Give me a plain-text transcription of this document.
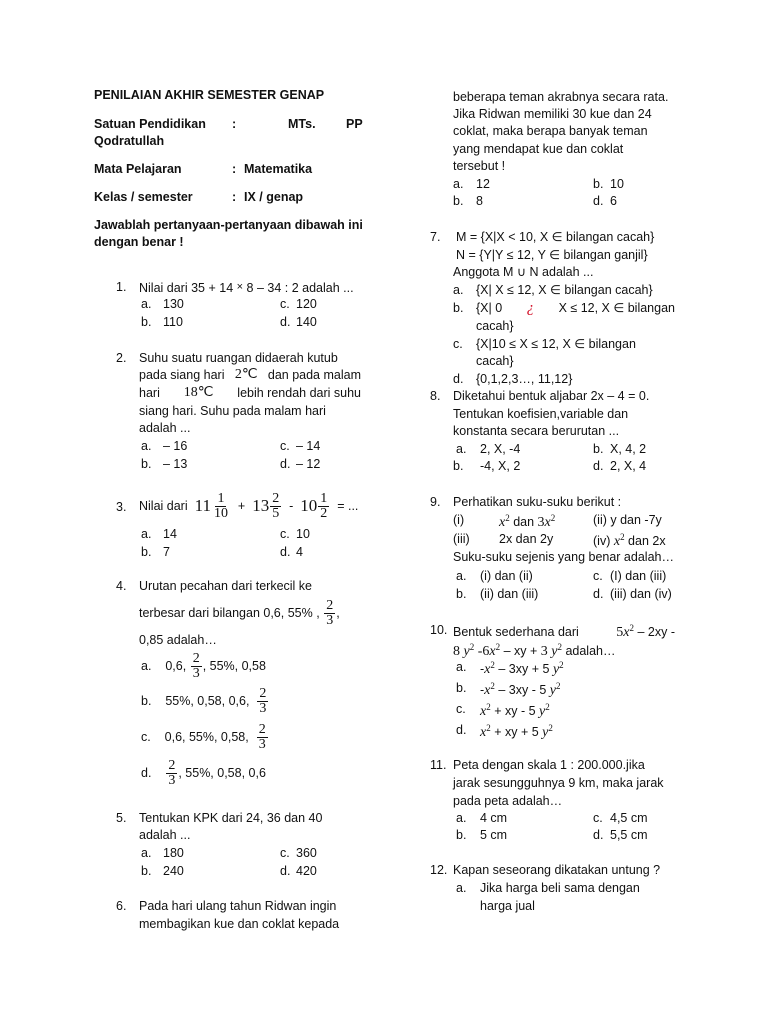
PENILAIAN AKHIR SEMESTER GENAP
Satuan Pendidikan :	MTs. PP
Qodratullah
Mata Pelajaran	: Matematika
Kelas / semester	: IX / genap
Jawablah pertanyaan-pertanyaan dibawah ini
dengan benar !
1. Nilai dari 35 + 14 × 8 – 34 : 2 adalah ...
a. 130	c. 120
b. 110	d. 140
2. Suhu suatu ruangan didaerah kutub
pada siang hari 2℃ dan pada malam
hari 18℃ lebih rendah dari suhu
siang hari. Suhu pada malam hari
adalah ...
a. – 16	c. – 14
b. – 13	d. – 12
3. Nilai dari
11 1
10
+
13 2
5
-
$10 \frac{1}{2}$
= ...
a. 14	c. 10
b. 7	d. 4
4. Urutan pecahan dari terkecil ke
terbesar dari bilangan 0,6, 55%
,

2
3 ,
0,85 adalah…
a.
0,6,

2
3 , 55%, 0,58
b.
55%, 0,58, 0,6,

2
3
c.
0,6, 55%, 0,58,

2
3
d.

2
3 , 55%, 0,58, 0,6
5. Tentukan KPK dari 24, 36 dan 40
adalah ...
a. 180	c. 360
b. 240	d. 420
6. Pada hari ulang tahun Ridwan ingin
membagikan kue dan coklat kepada
beberapa teman akrabnya secara rata.
Jika Ridwan memiliki 30 kue dan 24
coklat, maka berapa banyak teman
yang mendapat kue dan coklat
tersebut !
a. 12	b. 10
b. 8	d. 6
7. M = {X|X < 10, X ∈ bilangan cacah}
N = {Y|Y ≤ 12, Y ∈ bilangan ganjil}
Anggota M ∪ N adalah ...
a. {X| X ≤ 12, X ∈ bilangan cacah}
b. {X| 0 ¿ X ≤ 12, X ∈ bilangan
cacah}
c. {X|10 ≤ X ≤ 12, X ∈ bilangan
cacah}
d. {0,1,2,3…, 11,12}
8. Diketahui bentuk aljabar 2x – 4 = 0.
Tentukan koefisien,variable dan
konstanta secara berurutan ...
a. 2, X, -4	b. X, 4, 2
b. -4, X, 2	d. 2, X, 4
9. Perhatikan suku-suku berikut :
(i) $x^2$ dan $3x^2$	(ii) y dan -7y
(iii) 2x dan 2y	(iv) $x^2$ dan 2x
Suku-suku sejenis yang benar adalah…
a. (i) dan (ii)	c. (I) dan (iii)
b. (ii) dan (iii)	d. (iii) dan (iv)
10. Bentuk sederhana dari	$5x^2 - 2xy$ -
8 $y^2$ $-6x^2$ – xy + 3 $y^2$ adalah…
a. $-x^2 - 3xy + 5$ $y^2$
b. $-x^2 - 3xy - 5$ $y^2$
c. $x^2$ + xy - 5 $y^2$
d. $x^2$ + xy + 5 $y^2$
11. Peta dengan skala 1 : 200.000.jika
jarak sesungguhnya 9 km, maka jarak
pada peta adalah…
a. 4 cm	c. 4,5 cm
b. 5 cm	d. 5,5 cm
12. Kapan seseorang dikatakan untung ?
a. Jika harga beli sama dengan
harga jual
